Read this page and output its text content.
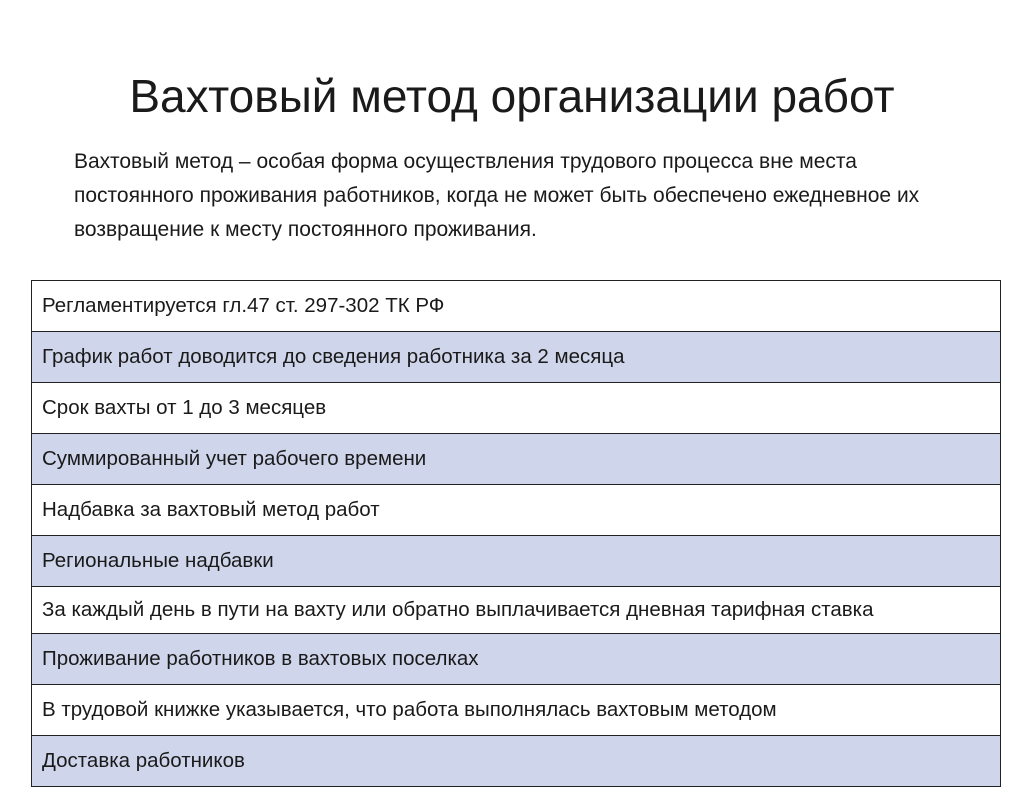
Вахтовый метод организации работ

Вахтовый метод – особая форма осуществления трудового процесса вне места постоянного проживания работников, когда не может быть обеспечено ежедневное их возвращение к месту постоянного проживания.

Регламентируется гл.47 ст. 297-302 ТК РФ
График работ доводится до сведения работника за 2 месяца
Срок вахты от 1 до 3 месяцев
Суммированный учет рабочего времени
Надбавка за вахтовый метод работ
Региональные надбавки
За каждый день в пути на вахту или обратно выплачивается дневная тарифная ставка
Проживание работников в вахтовых поселках
В трудовой книжке указывается, что работа выполнялась вахтовым методом
Доставка работников
